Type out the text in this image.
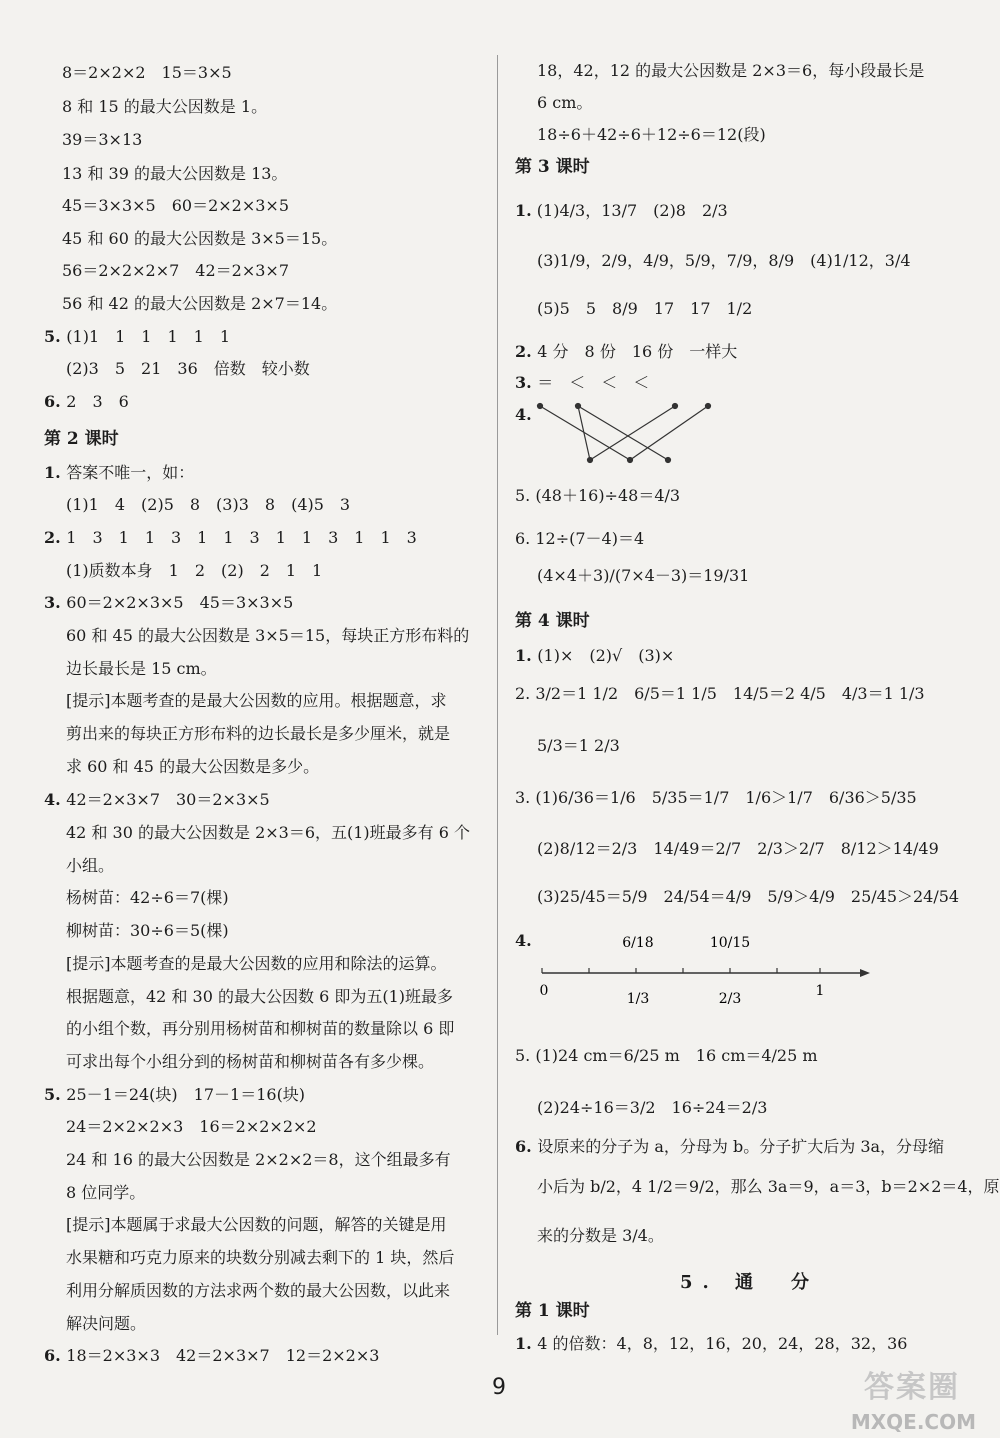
8＝2×2×2　15＝3×5
8 和 15 的最大公因数是 1。
39＝3×13
13 和 39 的最大公因数是 13。
45＝3×3×5　60＝2×2×3×5
45 和 60 的最大公因数是 3×5＝15。
56＝2×2×2×7　42＝2×3×7
56 和 42 的最大公因数是 2×7＝14。
5. (1)1　1　1　1　1　1
(2)3　5　21　36　倍数　较小数
6. 2　3　6
1. 答案不唯一，如：
(1)1　4　(2)5　8　(3)3　8　(4)5　3
2. 1　3　1　1　3　1　1　3　1　1　3　1　1　3
(1)质数本身　1　2　(2)　2　1　1
3. 60＝2×2×3×5　45＝3×3×5
60 和 45 的最大公因数是 3×5＝15，每块正方形布料的
边长最长是 15 cm。
[提示]本题考查的是最大公因数的应用。根据题意，求
剪出来的每块正方形布料的边长最长是多少厘米，就是
求 60 和 45 的最大公因数是多少。
4. 42＝2×3×7　30＝2×3×5
42 和 30 的最大公因数是 2×3＝6，五(1)班最多有 6 个
小组。
杨树苗：42÷6＝7(棵)
柳树苗：30÷6＝5(棵)
[提示]本题考查的是最大公因数的应用和除法的运算。
根据题意，42 和 30 的最大公因数 6 即为五(1)班最多
的小组个数，再分别用杨树苗和柳树苗的数量除以 6 即
可求出每个小组分到的杨树苗和柳树苗各有多少棵。
5. 25－1＝24(块)　17－1＝16(块)
24＝2×2×2×3　16＝2×2×2×2
24 和 16 的最大公因数是 2×2×2＝8，这个组最多有
8 位同学。
[提示]本题属于求最大公因数的问题，解答的关键是用
水果糖和巧克力原来的块数分别减去剩下的 1 块，然后
利用分解质因数的方法求两个数的最大公因数，以此来
解决问题。
6. 18＝2×3×3　42＝2×3×7　12＝2×2×3
第 2 课时
18，42，12 的最大公因数是 2×3＝6，每小段最长是
6 cm。
18÷6＋42÷6＋12÷6＝12(段)
2. 4 分　8 份　16 份　一样大
3. ＝　＜　＜　＜
6. 12÷(7－4)＝4
1. (1)×　(2)√　(3)×
6. 设原来的分子为 a，分母为 b。分子扩大后为 3a，分母缩
1. 4 的倍数：4，8，12，16，20，24，28，32，36
第 3 课时
第 4 课时
5. 通　分
第 1 课时
1. (1)4/3，13/7　(2)8　2/3
(3)1/9，2/9，4/9，5/9，7/9，8/9　(4)1/12，3/4
(5)5　5　8/9　17　17　1/2
4.
5. (48＋16)÷48＝4/3
(4×4＋3)/(7×4－3)＝19/31
2. 3/2＝1 1/2　6/5＝1 1/5　14/5＝2 4/5　4/3＝1 1/3
5/3＝1 2/3
3. (1)6/36＝1/6　5/35＝1/7　1/6＞1/7　6/36＞5/35
(2)8/12＝2/3　14/49＝2/7　2/3＞2/7　8/12＞14/49
(3)25/45＝5/9　24/54＝4/9　5/9＞4/9　25/45＞24/54
4.	6/18	10/15
0	1/3	2/3	1
5. (1)24 cm＝6/25 m　16 cm＝4/25 m
(2)24÷16＝3/2　16÷24＝2/3
小后为 b/2，4 1/2＝9/2，那么 3a＝9，a＝3，b＝2×2＝4，原
来的分数是 3/4。
9	答案圈
MXQE.COM
